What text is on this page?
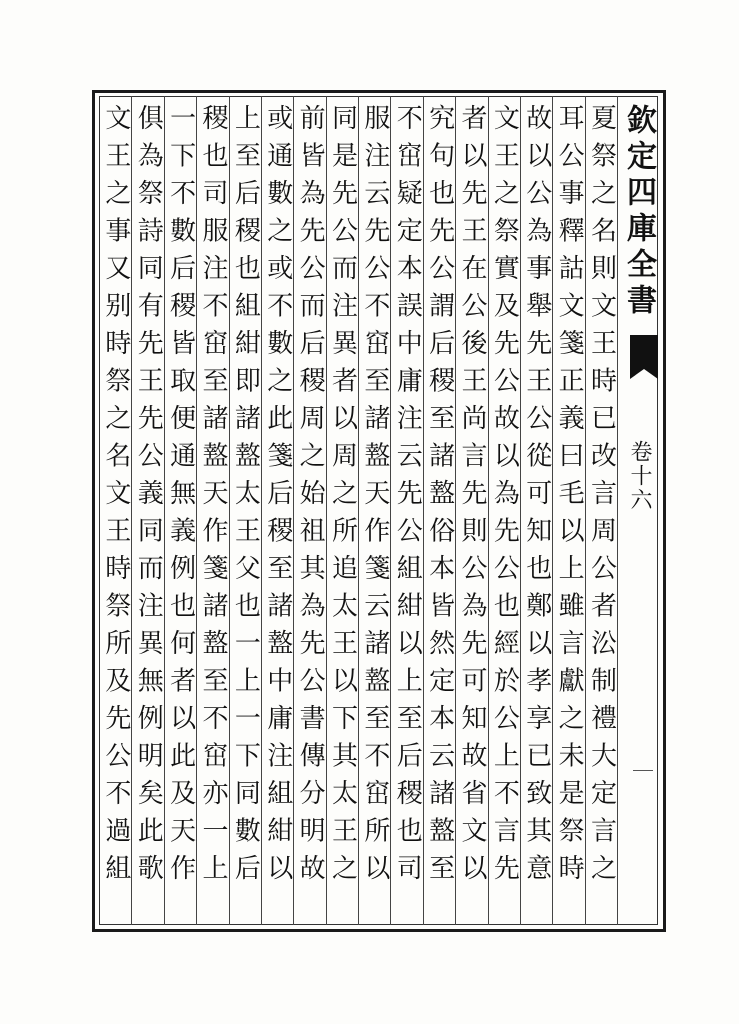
欽定四庫全書
卷十六
夏祭之名則文王時已改言周公者㳂制禮大定言之
耳公事釋詁文箋正義曰毛以上雖言獻之未是祭時
故以公為事舉先王公從可知也鄭以孝享已致其意
文王之祭實及先公故以為先公也經於公上不言先
者以先王在公後王尚言先則公為先可知故省文以
究句也先公謂后稷至諸盩俗本皆然定本云諸盩至
不窋疑定本誤中庸注云先公組紺以上至后稷也司
服注云先公不窋至諸盩天作箋云諸盩至不窋所以
同是先公而注異者以周之所追太王以下其太王之
前皆為先公而后稷周之始祖其為先公書傳分明故
或通數之或不數之此箋后稷至諸盩中庸注組紺以
上至后稷也組紺即諸盩太王父也一上一下同數后
稷也司服注不窋至諸盩天作箋諸盩至不窋亦一上
一下不數后稷皆取便通無義例也何者以此及天作
俱為祭詩同有先王先公義同而注異無例明矣此歌
文王之事又别時祭之名文王時祭所及先公不過組
